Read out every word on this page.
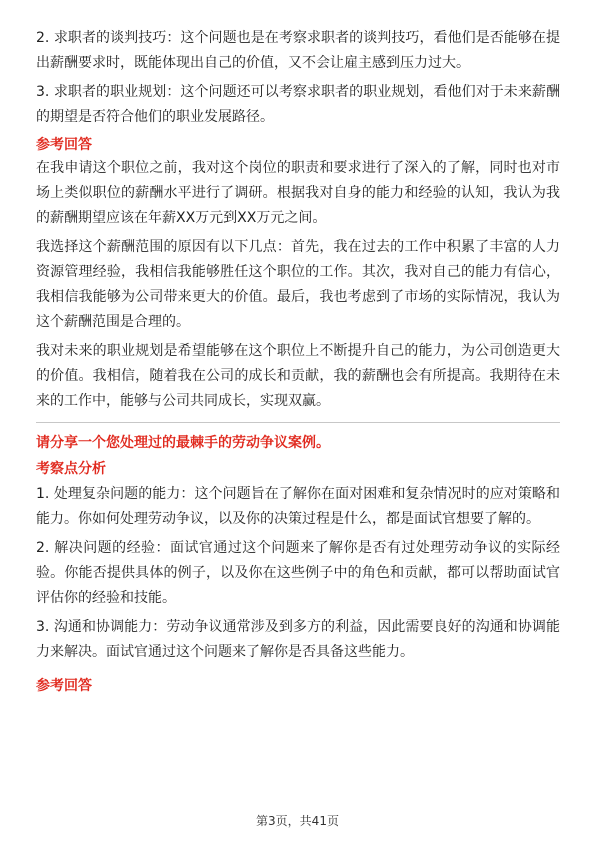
2. 求职者的谈判技巧：这个问题也是在考察求职者的谈判技巧，看他们是否能够在提出薪酬要求时，既能体现出自己的价值，又不会让雇主感到压力过大。

3. 求职者的职业规划：这个问题还可以考察求职者的职业规划，看他们对于未来薪酬的期望是否符合他们的职业发展路径。

参考回答

在我申请这个职位之前，我对这个岗位的职责和要求进行了深入的了解，同时也对市场上类似职位的薪酬水平进行了调研。根据我对自身的能力和经验的认知，我认为我的薪酬期望应该在年薪XX万元到XX万元之间。

我选择这个薪酬范围的原因有以下几点：首先，我在过去的工作中积累了丰富的人力资源管理经验，我相信我能够胜任这个职位的工作。其次，我对自己的能力有信心，我相信我能够为公司带来更大的价值。最后，我也考虑到了市场的实际情况，我认为这个薪酬范围是合理的。

我对未来的职业规划是希望能够在这个职位上不断提升自己的能力，为公司创造更大的价值。我相信，随着我在公司的成长和贡献，我的薪酬也会有所提高。我期待在未来的工作中，能够与公司共同成长，实现双赢。

请分享一个您处理过的最棘手的劳动争议案例。
考察点分析

1. 处理复杂问题的能力：这个问题旨在了解你在面对困难和复杂情况时的应对策略和能力。你如何处理劳动争议，以及你的决策过程是什么，都是面试官想要了解的。

2. 解决问题的经验：面试官通过这个问题来了解你是否有过处理劳动争议的实际经验。你能否提供具体的例子，以及你在这些例子中的角色和贡献，都可以帮助面试官评估你的经验和技能。

3. 沟通和协调能力：劳动争议通常涉及到多方的利益，因此需要良好的沟通和协调能力来解决。面试官通过这个问题来了解你是否具备这些能力。

参考回答
第3页，共41页
